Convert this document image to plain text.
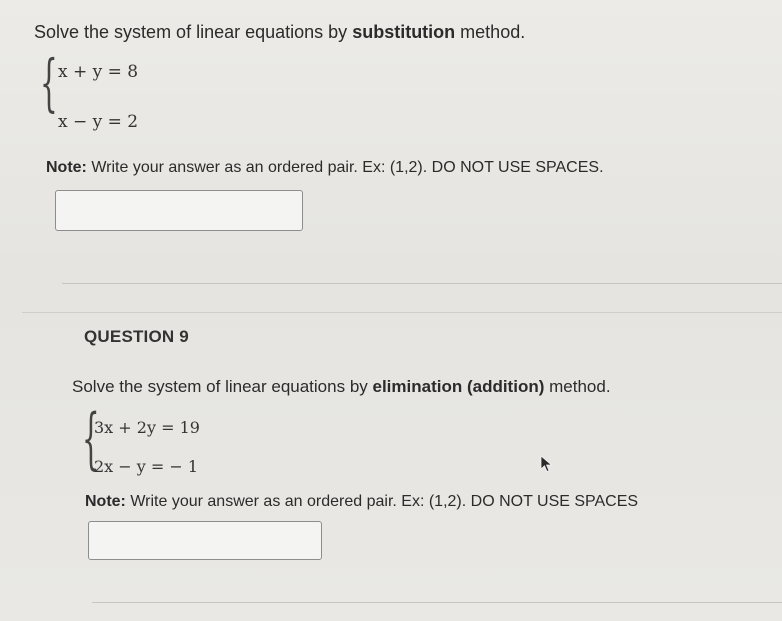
Solve the system of linear equations by substitution method.
{ x + y = 8
x − y = 2
Note: Write your answer as an ordered pair. Ex: (1,2). DO NOT USE SPACES.
QUESTION 9
Solve the system of linear equations by elimination (addition) method.
{
3x + 2y = 19
2x − y = − 1
Note: Write your answer as an ordered pair. Ex: (1,2). DO NOT USE SPACES
